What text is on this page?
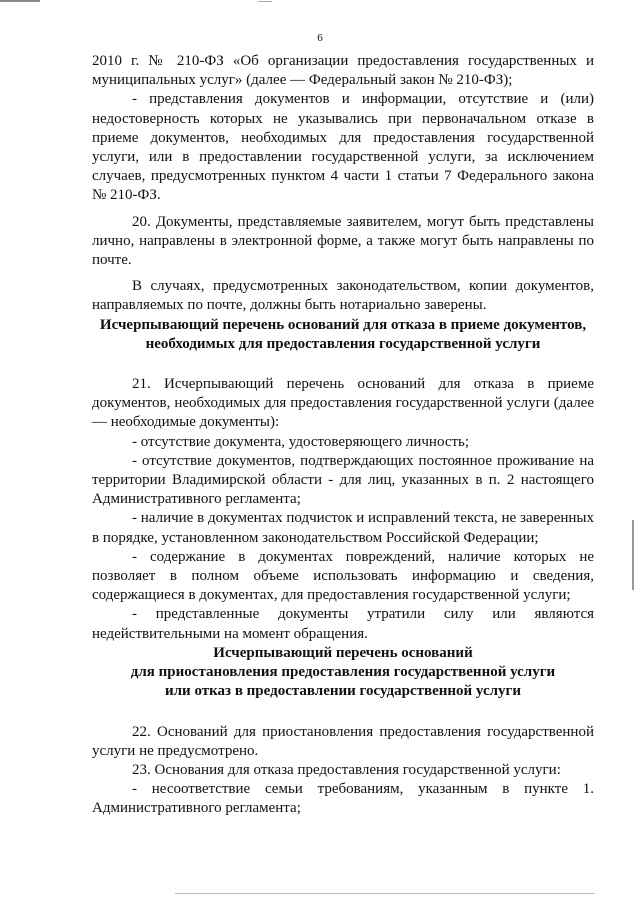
6

2010 г. № 210-ФЗ «Об организации предоставления государственных и муниципальных услуг» (далее — Федеральный закон № 210-ФЗ);

- представления документов и информации, отсутствие и (или) недостоверность которых не указывались при первоначальном отказе в приеме документов, необходимых для предоставления государственной услуги, или в предоставлении государственной услуги, за исключением случаев, предусмотренных пунктом 4 части 1 статьи 7 Федерального закона № 210-ФЗ.

20. Документы, представляемые заявителем, могут быть представлены лично, направлены в электронной форме, а также могут быть направлены по почте.

В случаях, предусмотренных законодательством, копии документов, направляемых по почте, должны быть нотариально заверены.

Исчерпывающий перечень оснований для отказа в приеме документов,
необходимых для предоставления государственной услуги

21. Исчерпывающий перечень оснований для отказа в приеме документов, необходимых для предоставления государственной услуги (далее — необходимые документы):

- отсутствие документа, удостоверяющего личность;

- отсутствие документов, подтверждающих постоянное проживание на территории Владимирской области - для лиц, указанных в п. 2 настоящего Административного регламента;

- наличие в документах подчисток и исправлений текста, не заверенных в порядке, установленном законодательством Российской Федерации;

- содержание в документах повреждений, наличие которых не позволяет в полном объеме использовать информацию и сведения, содержащиеся в документах, для предоставления государственной услуги;

- представленные документы утратили силу или являются недействительными на момент обращения.

Исчерпывающий перечень оснований
для приостановления предоставления государственной услуги
или отказ в предоставлении государственной услуги

22. Оснований для приостановления предоставления государственной услуги не предусмотрено.

23. Основания для отказа предоставления государственной услуги:

- несоответствие семьи требованиям, указанным в пункте 1. Административного регламента;
